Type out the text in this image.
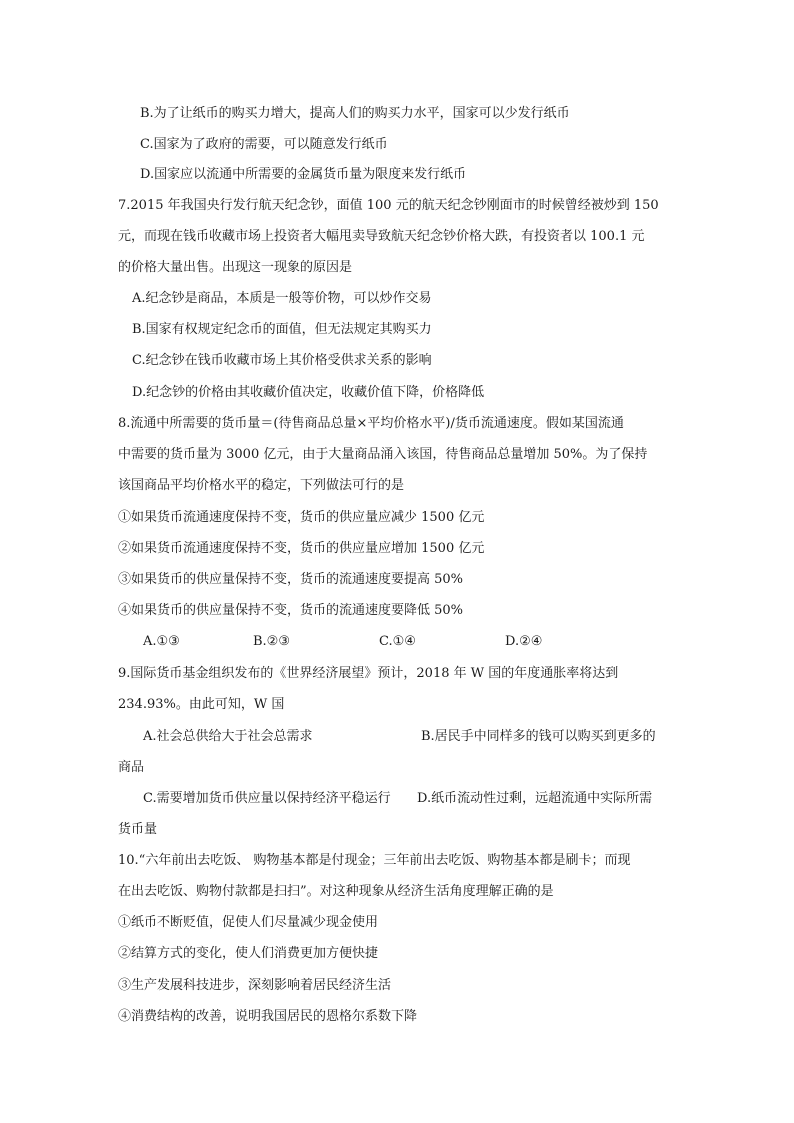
B.为了让纸币的购买力增大，提高人们的购买力水平，国家可以少发行纸币
C.国家为了政府的需要，可以随意发行纸币
D.国家应以流通中所需要的金属货币量为限度来发行纸币
7.2015 年我国央行发行航天纪念钞，面值 100 元的航天纪念钞刚面市的时候曾经被炒到 150
元，而现在钱币收藏市场上投资者大幅甩卖导致航天纪念钞价格大跌，有投资者以 100.1 元
的价格大量出售。出现这一现象的原因是
A.纪念钞是商品，本质是一般等价物，可以炒作交易
B.国家有权规定纪念币的面值，但无法规定其购买力
C.纪念钞在钱币收藏市场上其价格受供求关系的影响
D.纪念钞的价格由其收藏价值决定，收藏价值下降，价格降低
8.流通中所需要的货币量＝(待售商品总量×平均价格水平)/货币流通速度。假如某国流通
中需要的货币量为 3000 亿元，由于大量商品涌入该国，待售商品总量增加 50%。为了保持
该国商品平均价格水平的稳定，下列做法可行的是
①如果货币流通速度保持不变，货币的供应量应减少 1500 亿元
②如果货币流通速度保持不变，货币的供应量应增加 1500 亿元
③如果货币的供应量保持不变，货币的流通速度要提高 50%
④如果货币的供应量保持不变，货币的流通速度要降低 50%
A.①③	B.②③	C.①④	D.②④
9.国际货币基金组织发布的《世界经济展望》预计，2018 年 W 国的年度通胀率将达到
234.93%。由此可知，W 国
A.社会总供给大于社会总需求	B.居民手中同样多的钱可以购买到更多的
商品
C.需要增加货币供应量以保持经济平稳运行 D.纸币流动性过剩，远超流通中实际所需
货币量
10.“六年前出去吃饭、 购物基本都是付现金；三年前出去吃饭、购物基本都是刷卡；而现
在出去吃饭、购物付款都是扫扫”。对这种现象从经济生活角度理解正确的是
①纸币不断贬值，促使人们尽量减少现金使用
②结算方式的变化，使人们消费更加方便快捷
③生产发展科技进步，深刻影响着居民经济生活
④消费结构的改善，说明我国居民的恩格尔系数下降
